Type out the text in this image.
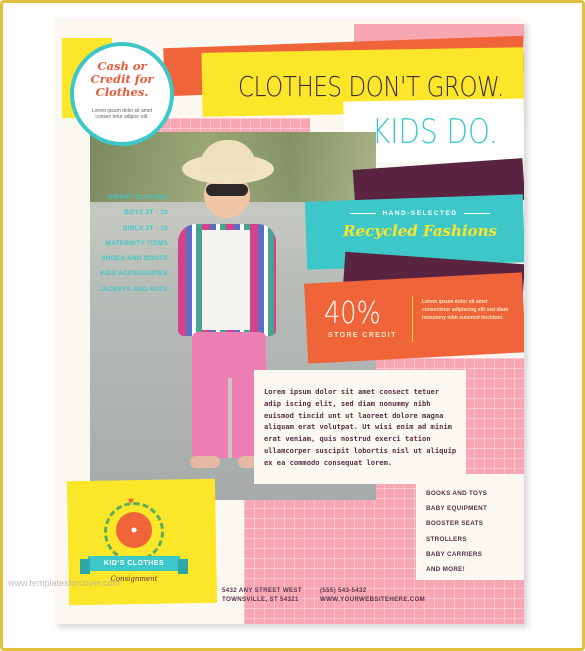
Cash or Credit for Clothes.
Lorem ipsum dolor sit amet consec tetur adipisc elit.
CLOTHES DON'T GROW.
KIDS DO.
INFANT CLOTHES
BOYS 2T - 10
GIRLS 2T - 10
MATERNITY ITEMS
SHOES AND BOOTS
KIDS ACCESSORIES
JACKETS AND HATS
HAND-SELECTED
Recycled Fashions
40%
STORE CREDIT
Lorem ipsum dolor sit amet consectetur adipiscing elit sed diam nonummy nibh euismod tincidunt.
Lorem ipsum dolor sit amet consect tetuer adip iscing elit, sed diam nonummy nibh euismod tincid unt ut laoreet dolore magna aliquam erat volutpat. Ut wisi enim ad minim erat veniam, quis nostrud exerci tation ullamcorper suscipit lobortis nisl ut aliquip ex ea commodo consequat lorem.
BOOKS AND TOYS
BABY EQUIPMENT
BOOSTER SEATS
STROLLERS
BABY CARRIERS
AND MORE!
♥
KID'S CLOTHES
Consignment
5432 ANY STREET WEST
TOWNSVILLE, ST 54321
(555) 543-5432
WWW.YOURWEBSITEHERE.COM
www.templatesforcover.com
